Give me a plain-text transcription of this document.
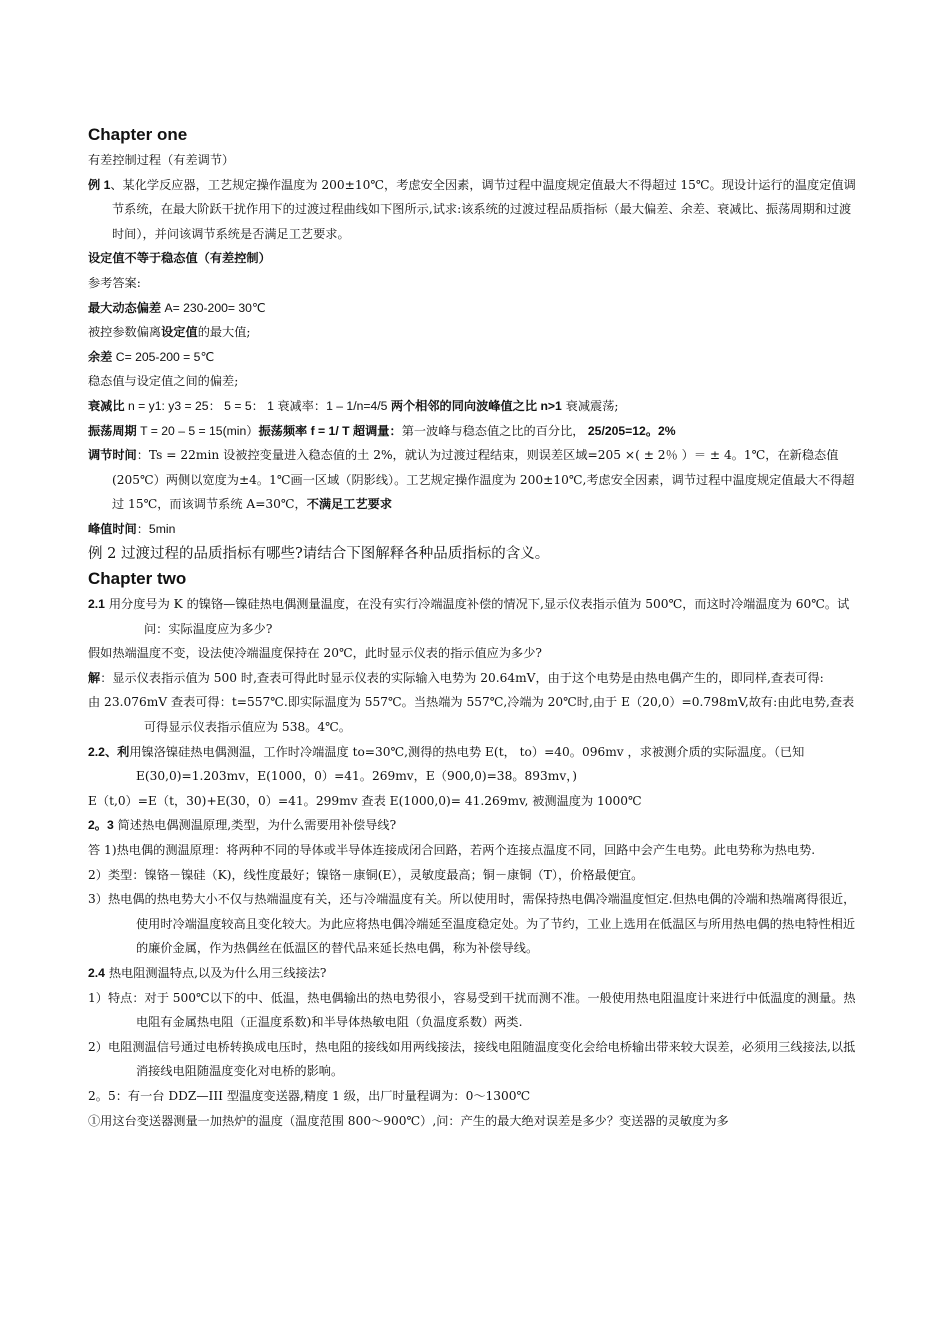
Chapter one
有差控制过程（有差调节）
例 1、某化学反应器，工艺规定操作温度为 200±10℃，考虑安全因素，调节过程中温度规定值最大不得超过 15℃。现设计运行的温度定值调节系统，在最大阶跃干扰作用下的过渡过程曲线如下图所示,试求:该系统的过渡过程品质指标（最大偏差、余差、衰减比、振荡周期和过渡时间），并问该调节系统是否满足工艺要求。
设定值不等于稳态值（有差控制）
参考答案:
最大动态偏差 A= 230-200= 30℃
被控参数偏离设定值的最大值;
余差 C= 205-200 = 5℃
稳态值与设定值之间的偏差;
衰减比 n = y1: y3 = 25： 5 = 5： 1 衰减率：1 – 1/n=4/5 两个相邻的同向波峰值之比 n>1 衰减震荡;
振荡周期 T = 20 – 5 = 15(min）振荡频率 f = 1/ T 超调量：第一波峰与稳态值之比的百分比， 25/205=12。2%
调节时间：Ts = 22min 设被控变量进入稳态值的土 2%，就认为过渡过程结束，则误差区域=205 ×( ± 2％ ）＝ ± 4。1℃，在新稳态值(205℃）两侧以宽度为±4。1℃画一区域（阴影线）。工艺规定操作温度为 200±10℃,考虑安全因素，调节过程中温度规定值最大不得超过 15℃，而该调节系统 A=30℃，不满足工艺要求
峰值时间：5min
例 2 过渡过程的品质指标有哪些?请结合下图解释各种品质指标的含义。
Chapter two
2.1 用分度号为 K 的镍铬—镍硅热电偶测量温度，在没有实行冷端温度补偿的情况下,显示仪表指示值为 500℃，而这时冷端温度为 60℃。试问：实际温度应为多少?
假如热端温度不变，设法使冷端温度保持在 20℃，此时显示仪表的指示值应为多少?
解：显示仪表指示值为 500 时,查表可得此时显示仪表的实际输入电势为 20.64mV，由于这个电势是由热电偶产生的，即同样,查表可得:
由 23.076mV 查表可得：t=557℃.即实际温度为 557℃。当热端为 557℃,冷端为 20℃时,由于 E（20,0）=0.798mV,故有:由此电势,查表可得显示仪表指示值应为 538。4℃。
2.2、利用镍洛镍硅热电偶测温，工作时冷端温度 to=30℃,测得的热电势 E(t， to）=40。096mv ，求被测介质的实际温度。（已知 E(30,0)=1.203mv，E(1000，0）=41。269mv，E（900,0)=38。893mv，)
E（t,0）=E（t，30)+E(30，0）=41。299mv 查表 E(1000,0)= 41.269mv, 被测温度为 1000℃
2。3 简述热电偶测温原理,类型，为什么需要用补偿导线?
答 1)热电偶的测温原理：将两种不同的导体或半导体连接成闭合回路，若两个连接点温度不同，回路中会产生电势。此电势称为热电势.
2）类型：镍铬－镍硅（K)，线性度最好；镍铬－康铜(E），灵敏度最高；铜－康铜（T），价格最便宜。
3）热电偶的热电势大小不仅与热端温度有关，还与冷端温度有关。所以使用时，需保持热电偶冷端温度恒定.但热电偶的冷端和热端离得很近，使用时冷端温度较高且变化较大。为此应将热电偶冷端延至温度稳定处。为了节约，工业上选用在低温区与所用热电偶的热电特性相近的廉价金属，作为热偶丝在低温区的替代品来延长热电偶，称为补偿导线。
2.4 热电阻测温特点,以及为什么用三线接法?
1）特点：对于 500℃以下的中、低温，热电偶输出的热电势很小，容易受到干扰而测不准。一般使用热电阻温度计来进行中低温度的测量。热电阻有金属热电阻（正温度系数)和半导体热敏电阻（负温度系数）两类.
2）电阻测温信号通过电桥转换成电压时，热电阻的接线如用两线接法，接线电阻随温度变化会给电桥输出带来较大误差，必须用三线接法,以抵消接线电阻随温度变化对电桥的影响。
2。5：有一台 DDZ—III 型温度变送器,精度 1 级，出厂时量程调为：0～1300℃
①用这台变送器测量一加热炉的温度（温度范围 800～900℃）,问：产生的最大绝对误差是多少？变送器的灵敏度为多
